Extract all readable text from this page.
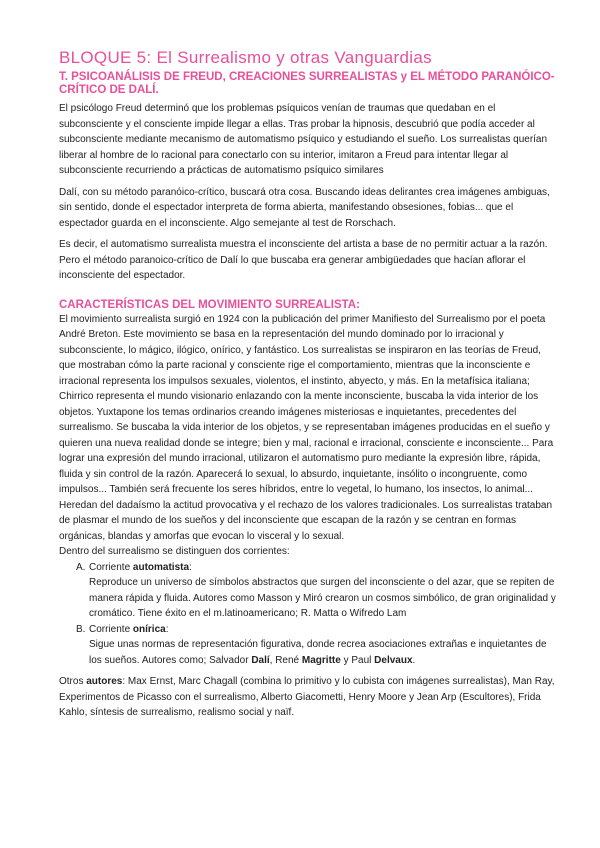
BLOQUE 5: El Surrealismo y otras Vanguardias
T. PSICOANÁLISIS DE FREUD, CREACIONES SURREALISTAS y EL MÉTODO PARANÓICO-CRÍTICO DE DALÍ.

El psicólogo Freud determinó que los problemas psíquicos venían de traumas que quedaban en el subconsciente y el consciente impide llegar a ellas. Tras probar la hipnosis, descubrió que podía acceder al subconsciente mediante mecanismo de automatismo psíquico y estudiando el sueño. Los surrealistas querían liberar al hombre de lo racional para conectarlo con su interior, imitaron a Freud para intentar llegar al subconsciente recurriendo a prácticas de automatismo psíquico similares

Dalí, con su método paranóico-crítico, buscará otra cosa. Buscando ideas delirantes crea imágenes ambiguas, sin sentido, donde el espectador interpreta de forma abierta, manifestando obsesiones, fobias... que el espectador guarda en el inconsciente. Algo semejante al test de Rorschach.

Es decir, el automatismo surrealista muestra el inconsciente del artista a base de no permitir actuar a la razón. Pero el método paranoico-crítico de Dalí lo que buscaba era generar ambigüedades que hacían aflorar el inconsciente del espectador.

CARACTERÍSTICAS DEL MOVIMIENTO SURREALISTA:

El movimiento surrealista surgió en 1924 con la publicación del primer Manifiesto del Surrealismo por el poeta André Breton. Este movimiento se basa en la representación del mundo dominado por lo irracional y subconsciente, lo mágico, ilógico, onírico, y fantástico. Los surrealistas se inspiraron en las teorías de Freud, que mostraban cómo la parte racional y consciente rige el comportamiento, mientras que la inconsciente e irracional representa los impulsos sexuales, violentos, el instinto, abyecto, y más. En la metafísica italiana; Chirrico representa el mundo visionario enlazando con la mente inconsciente, buscaba la vida interior de los objetos. Yuxtapone los temas ordinarios creando imágenes misteriosas e inquietantes, precedentes del surrealismo. Se buscaba la vida interior de los objetos, y se representaban imágenes producidas en el sueño y quieren una nueva realidad donde se integre; bien y mal, racional e irracional, consciente e inconsciente... Para lograr una expresión del mundo irracional, utilizaron el automatismo puro mediante la expresión libre, rápida, fluida y sin control de la razón. Aparecerá lo sexual, lo absurdo, inquietante, insólito o incongruente, como impulsos... También será frecuente los seres híbridos, entre lo vegetal, lo humano, los insectos, lo animal... Heredan del dadaísmo la actitud provocativa y el rechazo de los valores tradicionales. Los surrealistas trataban de plasmar el mundo de los sueños y del inconsciente que escapan de la razón y se centran en formas orgánicas, blandas y amorfas que evocan lo visceral y lo sexual.

Dentro del surrealismo se distinguen dos corrientes:

A. Corriente automatista:
Reproduce un universo de símbolos abstractos que surgen del inconsciente o del azar, que se repiten de manera rápida y fluida. Autores como Masson y Miró crearon un cosmos simbólico, de gran originalidad y cromático. Tiene éxito en el m.latinoamericano; R. Matta o Wifredo Lam
B. Corriente onírica:
Sigue unas normas de representación figurativa, donde recrea asociaciones extrañas e inquietantes de los sueños. Autores como; Salvador Dalí, René Magritte y Paul Delvaux.

Otros autores: Max Ernst, Marc Chagall (combina lo primitivo y lo cubista con imágenes surrealistas), Man Ray, Experimentos de Picasso con el surrealismo, Alberto Giacometti, Henry Moore y Jean Arp (Escultores), Frida Kahlo, síntesis de surrealismo, realismo social y naïf.
